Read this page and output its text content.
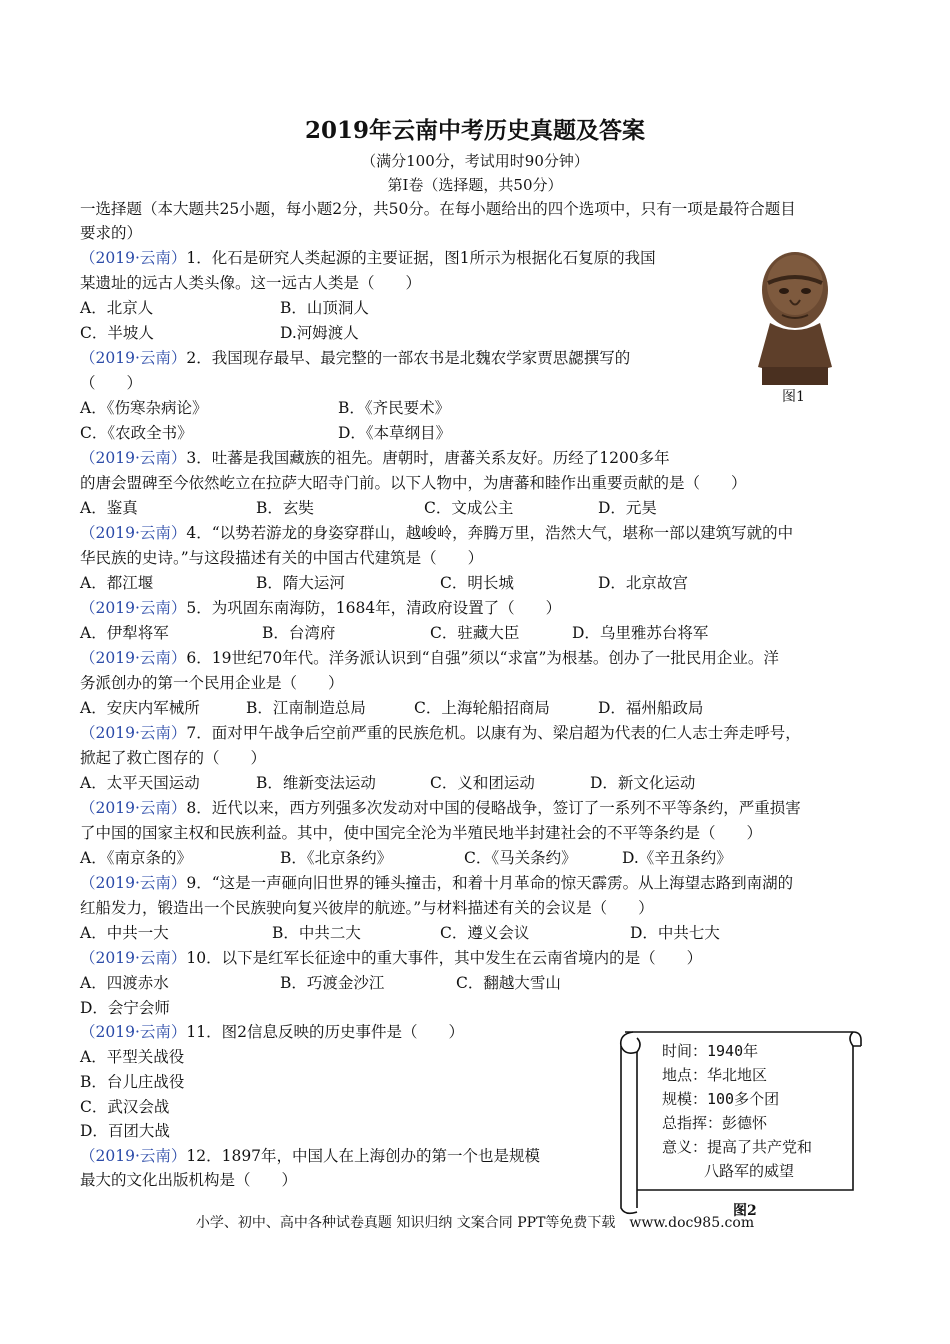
2019年云南中考历史真题及答案
（满分100分，考试用时90分钟）
第Ⅰ卷（选择题，共50分）
一选择题（本大题共25小题，每小题2分，共50分。在每小题给出的四个选项中，只有一项是最符合题目
要求的）
（2019·云南）1．化石是研究人类起源的主要证据，图1所示为根据化石复原的我国
某遗址的远古人类头像。这一远古人类是（　　）
A．北京人	B．山顶洞人
C．半坡人	D.河姆渡人
图1
（2019·云南）2．我国现存最早、最完整的一部农书是北魏农学家贾思勰撰写的
（　　）
A．《伤寒杂病论》	B．《齐民要术》
C．《农政全书》	D．《本草纲目》
（2019·云南）3．吐蕃是我国藏族的祖先。唐朝时，唐蕃关系友好。历经了1200多年
的唐会盟碑至今依然屹立在拉萨大昭寺门前。以下人物中，为唐蕃和睦作出重要贡献的是（　　）
A．鉴真	B．玄奘	C．文成公主	D．元昊
（2019·云南）4．“以势若游龙的身姿穿群山，越峻岭，奔腾万里，浩然大气，堪称一部以建筑写就的中
华民族的史诗。”与这段描述有关的中国古代建筑是（　　）
A．都江堰	B．隋大运河	C．明长城	D．北京故宫
（2019·云南）5．为巩固东南海防，1684年，清政府设置了（　　）
A．伊犁将军	B．台湾府	C．驻藏大臣	D．乌里雅苏台将军
（2019·云南）6．19世纪70年代。洋务派认识到“自强”须以“求富”为根基。创办了一批民用企业。洋
务派创办的第一个民用企业是（　　）
A．安庆内军械所	B．江南制造总局	C．上海轮船招商局	D．福州船政局
（2019·云南）7．面对甲午战争后空前严重的民族危机。以康有为、梁启超为代表的仁人志士奔走呼号，
掀起了救亡图存的（　　）
A．太平天国运动	B．维新变法运动	C．义和团运动	D．新文化运动
（2019·云南）8．近代以来，西方列强多次发动对中国的侵略战争，签订了一系列不平等条约，严重损害
了中国的国家主权和民族利益。其中，使中国完全沦为半殖民地半封建社会的不平等条约是（　　）
A．《南京条的》	B．《北京条约》	C．《马关条约》	D.《辛丑条约》
（2019·云南）9．“这是一声砸向旧世界的锤头撞击，和着十月革命的惊天霹雳。从上海望志路到南湖的
红船发力，锻造出一个民族驶向复兴彼岸的航迹。”与材料描述有关的会议是（　　）
A．中共一大	B．中共二大	C．遵义会议	D．中共七大
（2019·云南）10．以下是红军长征途中的重大事件，其中发生在云南省境内的是（　　）
A．四渡赤水	B．巧渡金沙江	C．翻越大雪山
D．会宁会师
（2019·云南）11．图2信息反映的历史事件是（　　）
A．平型关战役
B．台儿庄战役
C．武汉会战
D．百团大战
（2019·云南）12．1897年，中国人在上海创办的第一个也是规模
最大的文化出版机构是（　　）
时间：1940年
地点：华北地区
规模：100多个团
总指挥：彭德怀
意义：提高了共产党和
八路军的威望
图2
小学、初中、高中各种试卷真题 知识归纳 文案合同 PPT等免费下载　www.doc985.com
